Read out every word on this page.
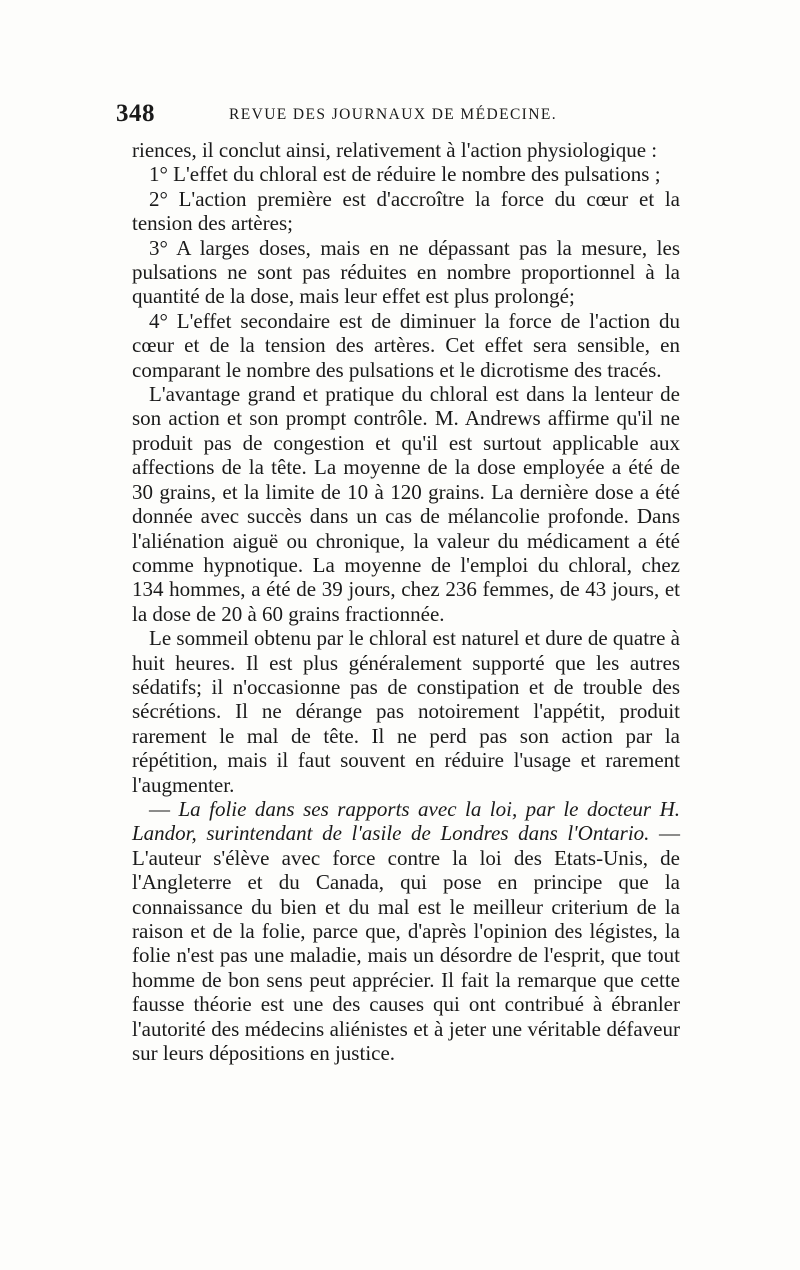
348	REVUE DES JOURNAUX DE MÉDECINE.

riences, il conclut ainsi, relativement à l'action physiologique :

1° L'effet du chloral est de réduire le nombre des pulsations ;

2° L'action première est d'accroître la force du cœur et la tension des artères;

3° A larges doses, mais en ne dépassant pas la mesure, les pulsations ne sont pas réduites en nombre proportionnel à la quantité de la dose, mais leur effet est plus prolongé;

4° L'effet secondaire est de diminuer la force de l'action du cœur et de la tension des artères. Cet effet sera sensible, en comparant le nombre des pulsations et le dicrotisme des tracés.

L'avantage grand et pratique du chloral est dans la lenteur de son action et son prompt contrôle. M. Andrews affirme qu'il ne produit pas de congestion et qu'il est surtout applicable aux affections de la tête. La moyenne de la dose employée a été de 30 grains, et la limite de 10 à 120 grains. La dernière dose a été donnée avec succès dans un cas de mélancolie profonde. Dans l'aliénation aiguë ou chronique, la valeur du médicament a été comme hypnotique. La moyenne de l'emploi du chloral, chez 134 hommes, a été de 39 jours, chez 236 femmes, de 43 jours, et la dose de 20 à 60 grains fractionnée.

Le sommeil obtenu par le chloral est naturel et dure de quatre à huit heures. Il est plus généralement supporté que les autres sédatifs; il n'occasionne pas de constipation et de trouble des sécrétions. Il ne dérange pas notoirement l'appétit, produit rarement le mal de tête. Il ne perd pas son action par la répétition, mais il faut souvent en réduire l'usage et rarement l'augmenter.

— La folie dans ses rapports avec la loi, par le docteur H. Landor, surintendant de l'asile de Londres dans l'Ontario. — L'auteur s'élève avec force contre la loi des Etats-Unis, de l'Angleterre et du Canada, qui pose en principe que la connaissance du bien et du mal est le meilleur criterium de la raison et de la folie, parce que, d'après l'opinion des légistes, la folie n'est pas une maladie, mais un désordre de l'esprit, que tout homme de bon sens peut apprécier. Il fait la remarque que cette fausse théorie est une des causes qui ont contribué à ébranler l'autorité des médecins aliénistes et à jeter une véritable défaveur sur leurs dépositions en justice.
